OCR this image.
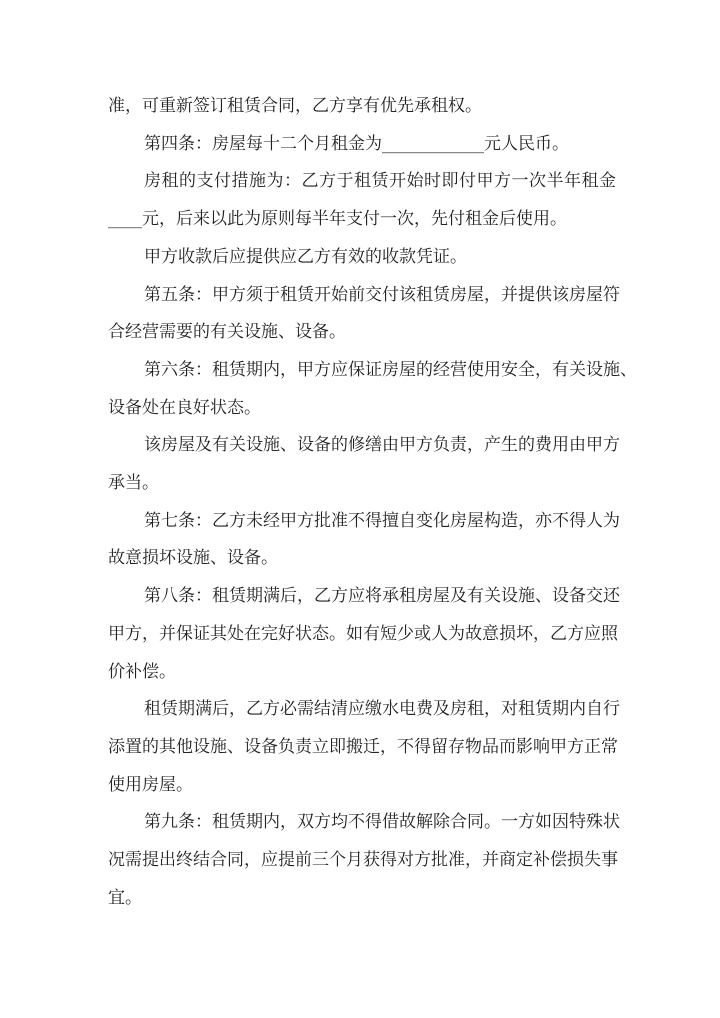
准，可重新签订租赁合同，乙方享有优先承租权。

第四条：房屋每十二个月租金为____________元人民币。

房租的支付措施为：乙方于租赁开始时即付甲方一次半年租金
____元，后来以此为原则每半年支付一次，先付租金后使用。

甲方收款后应提供应乙方有效的收款凭证。

第五条：甲方须于租赁开始前交付该租赁房屋，并提供该房屋符
合经营需要的有关设施、设备。

第六条：租赁期内，甲方应保证房屋的经营使用安全，有关设施、
设备处在良好状态。

该房屋及有关设施、设备的修缮由甲方负责，产生的费用由甲方
承当。

第七条：乙方未经甲方批准不得擅自变化房屋构造，亦不得人为
故意损坏设施、设备。

第八条：租赁期满后，乙方应将承租房屋及有关设施、设备交还
甲方，并保证其处在完好状态。如有短少或人为故意损坏，乙方应照
价补偿。

租赁期满后，乙方必需结清应缴水电费及房租，对租赁期内自行
添置的其他设施、设备负责立即搬迁，不得留存物品而影响甲方正常
使用房屋。

第九条：租赁期内，双方均不得借故解除合同。一方如因特殊状
况需提出终结合同，应提前三个月获得对方批准，并商定补偿损失事
宜。
